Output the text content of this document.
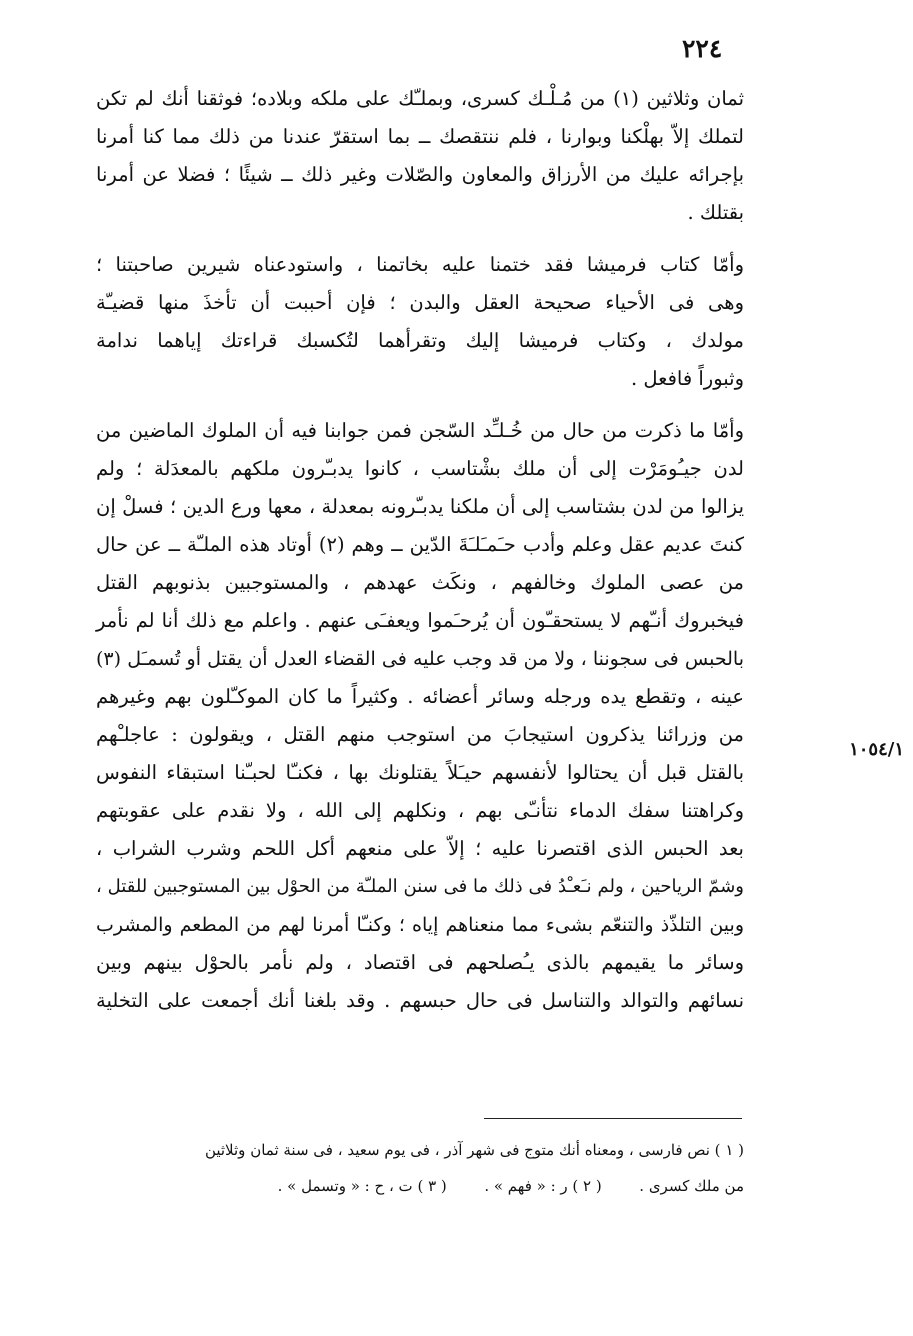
٢٢٤
ثمان وثلاثين (١) من مُـلْـك كسرى، وبملـّك على ملكه وبلاده؛ فوثقنا أنك لم تكن
لتملك إلاّ بهلْكنا وبوارنا ، فلم ننتقصك ــ بما استقرّ عندنا من ذلك مما كنا أمرنا
بإجرائه عليك من الأرزاق والمعاون والصّلات وغير ذلك ــ شيئًا ؛ فضلا عن أمرنا
بقتلك .
وأمّا كتاب فرميشا فقد ختمنا عليه بخاتمنا ، واستودعناه شيرين صاحبتنا ؛
وهى فى الأحياء صحيحة العقل والبدن ؛ فإن أحببت أن تأخذَ منها قضيـّة
مولدك ، وكتاب فرميشا إليك وتقرأهما لتُكسبك قراءتك إياهما ندامة
وثبوراً فافعل .
وأمّا ما ذكرت من حال من خُـلـِّد السّجن فمن جوابنا فيه أن الملوك الماضين من
لدن جيـُومَرْت إلى أن ملك بشْتاسب ، كانوا يدبـّرون ملكهم بالمعدَلة ؛ ولم
يزالوا من لدن بشتاسب إلى أن ملكنا يدبـّرونه بمعدلة ، معها ورع الدين ؛ فسلْ إن
كنتَ عديم عقل وعلم وأدب حـَمـَلـَةَ الدّين ــ وهم (٢) أوتاد هذه الملـّة ــ عن حال
من عصى الملوك وخالفهم ، ونكَث عهدهم ، والمستوجبين بذنوبهم القتل
فيخبروك أنـّهم لا يستحقـّون أن يُرحـَموا ويعفـَى عنهم . واعلم مع ذلك أنا لم نأمر
بالحبس فى سجوننا ، ولا من قد وجب عليه فى القضاء العدل أن يقتل أو تُسمـَل (٣)
عينه ، وتقطع يده ورجله وسائر أعضائه . وكثيراً ما كان الموكـّلون بهم وغيرهم
من وزرائنا يذكرون استيجابَ من استوجب منهم القتل ، ويقولون : عاجلـْهم
بالقتل قبل أن يحتالوا لأنفسهم حيـَلاً يقتلونك بها ، فكنـّا لحبـّنا استبقاء النفوس
وكراهتنا سفك الدماء نتأنـّى بهم ، ونكلهم إلى الله ، ولا نقدم على عقوبتهم
بعد الحبس الذى اقتصرنا عليه ؛ إلاّ على منعهم أكل اللحم وشرب الشراب ،
وشمّ الرياحين ، ولم نـَعـْدُ فى ذلك ما فى سنن الملـّة من الحوْل بين المستوجبين للقتل ،
وبين التلذّذ والتنعّم بشىء مما منعناهم إياه ؛ وكنـّا أمرنا لهم من المطعم والمشرب
وسائر ما يقيمهم بالذى يـُصلحهم فى اقتصاد ، ولم نأمر بالحوْل بينهم وبين
نسائهم والتوالد والتناسل فى حال حبسهم . وقد بلغنا أنك أجمعت على التخلية
١٠٥٤/١
( ١ ) نص فارسى ، ومعناه أنك متوج فى شهر آذر ، فى يوم سعيد ، فى سنة ثمان وثلاثين
من ملك كسرى .  ( ٢ ) ر : « فهم » .  ( ٣ ) ت ، ح : « وتسمل » .
